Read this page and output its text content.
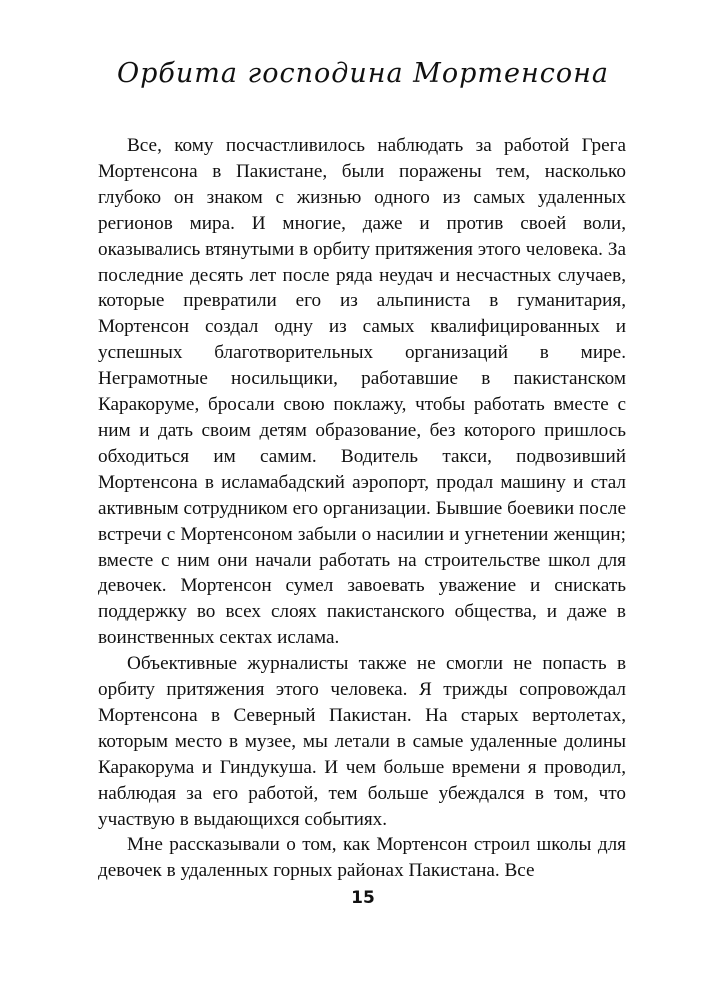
Орбита господина Мортенсона

Все, кому посчастливилось наблюдать за работой Грега Мортенсона в Пакистане, были поражены тем, насколько глубоко он знаком с жизнью одного из самых удаленных регионов мира. И многие, даже и против своей воли, оказывались втянутыми в орбиту притяжения этого человека. За последние десять лет после ряда неудач и несчастных случаев, которые превратили его из альпиниста в гуманитария, Мортенсон создал одну из самых квалифицированных и успешных благотворительных организаций в мире. Неграмотные носильщики, работавшие в пакистанском Каракоруме, бросали свою поклажу, чтобы работать вместе с ним и дать своим детям образование, без которого пришлось обходиться им самим. Водитель такси, подвозивший Мортенсона в исламабадский аэропорт, продал машину и стал активным сотрудником его организации. Бывшие боевики после встречи с Мортенсоном забыли о насилии и угнетении женщин; вместе с ним они начали работать на строительстве школ для девочек. Мортенсон сумел завоевать уважение и снискать поддержку во всех слоях пакистанского общества, и даже в воинственных сектах ислама.

Объективные журналисты также не смогли не попасть в орбиту притяжения этого человека. Я трижды сопровождал Мортенсона в Северный Пакистан. На старых вертолетах, которым место в музее, мы летали в самые удаленные долины Каракорума и Гиндукуша. И чем больше времени я проводил, наблюдая за его работой, тем больше убеждался в том, что участвую в выдающихся событиях.

Мне рассказывали о том, как Мортенсон строил школы для девочек в удаленных горных районах Пакистана. Все

15
